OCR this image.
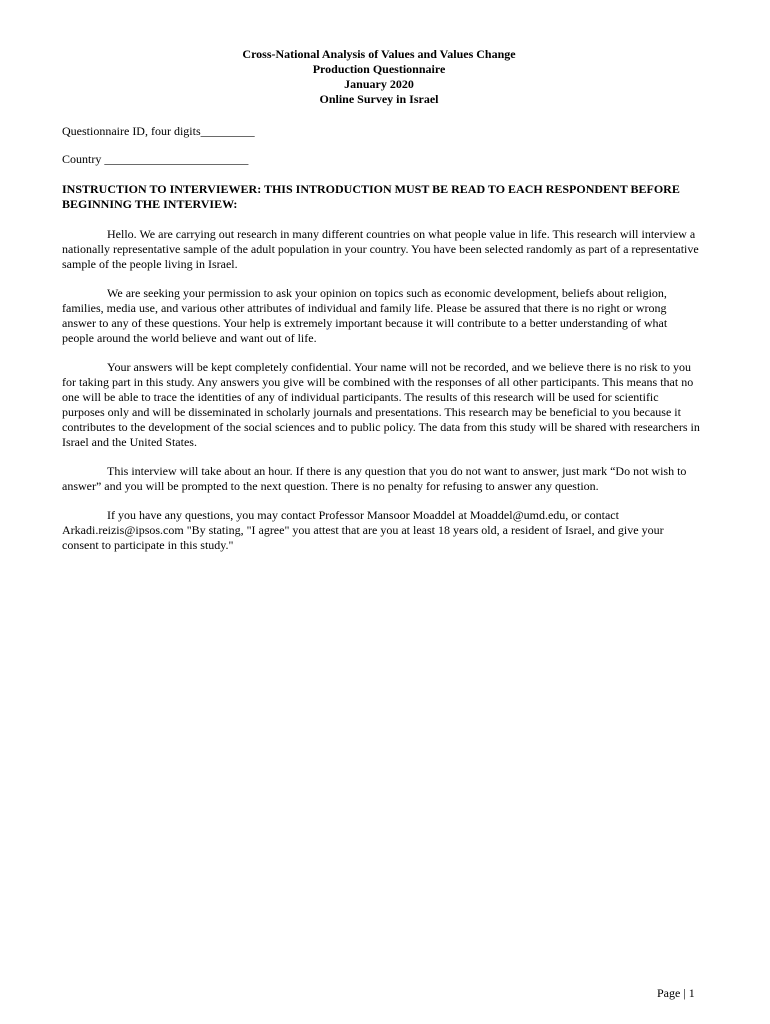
Cross-National Analysis of Values and Values Change
Production Questionnaire
January 2020
Online Survey in Israel
Questionnaire ID, four digits_________
Country ________________________
INSTRUCTION TO INTERVIEWER: THIS INTRODUCTION MUST BE READ TO EACH RESPONDENT BEFORE BEGINNING THE INTERVIEW:
Hello. We are carrying out research in many different countries on what people value in life. This research will interview a nationally representative sample of the adult population in your country. You have been selected randomly as part of a representative sample of the people living in Israel.
We are seeking your permission to ask your opinion on topics such as economic development, beliefs about religion, families, media use, and various other attributes of individual and family life. Please be assured that there is no right or wrong answer to any of these questions. Your help is extremely important because it will contribute to a better understanding of what people around the world believe and want out of life.
Your answers will be kept completely confidential. Your name will not be recorded, and we believe there is no risk to you for taking part in this study. Any answers you give will be combined with the responses of all other participants. This means that no one will be able to trace the identities of any of individual participants. The results of this research will be used for scientific purposes only and will be disseminated in scholarly journals and presentations. This research may be beneficial to you because it contributes to the development of the social sciences and to public policy. The data from this study will be shared with researchers in Israel and the United States.
This interview will take about an hour. If there is any question that you do not want to answer, just mark “Do not wish to answer” and you will be prompted to the next question. There is no penalty for refusing to answer any question.
If you have any questions, you may contact Professor Mansoor Moaddel at Moaddel@umd.edu, or contact Arkadi.reizis@ipsos.com "By stating, "I agree" you attest that are you at least 18 years old, a resident of Israel, and give your consent to participate in this study."
Page | 1
